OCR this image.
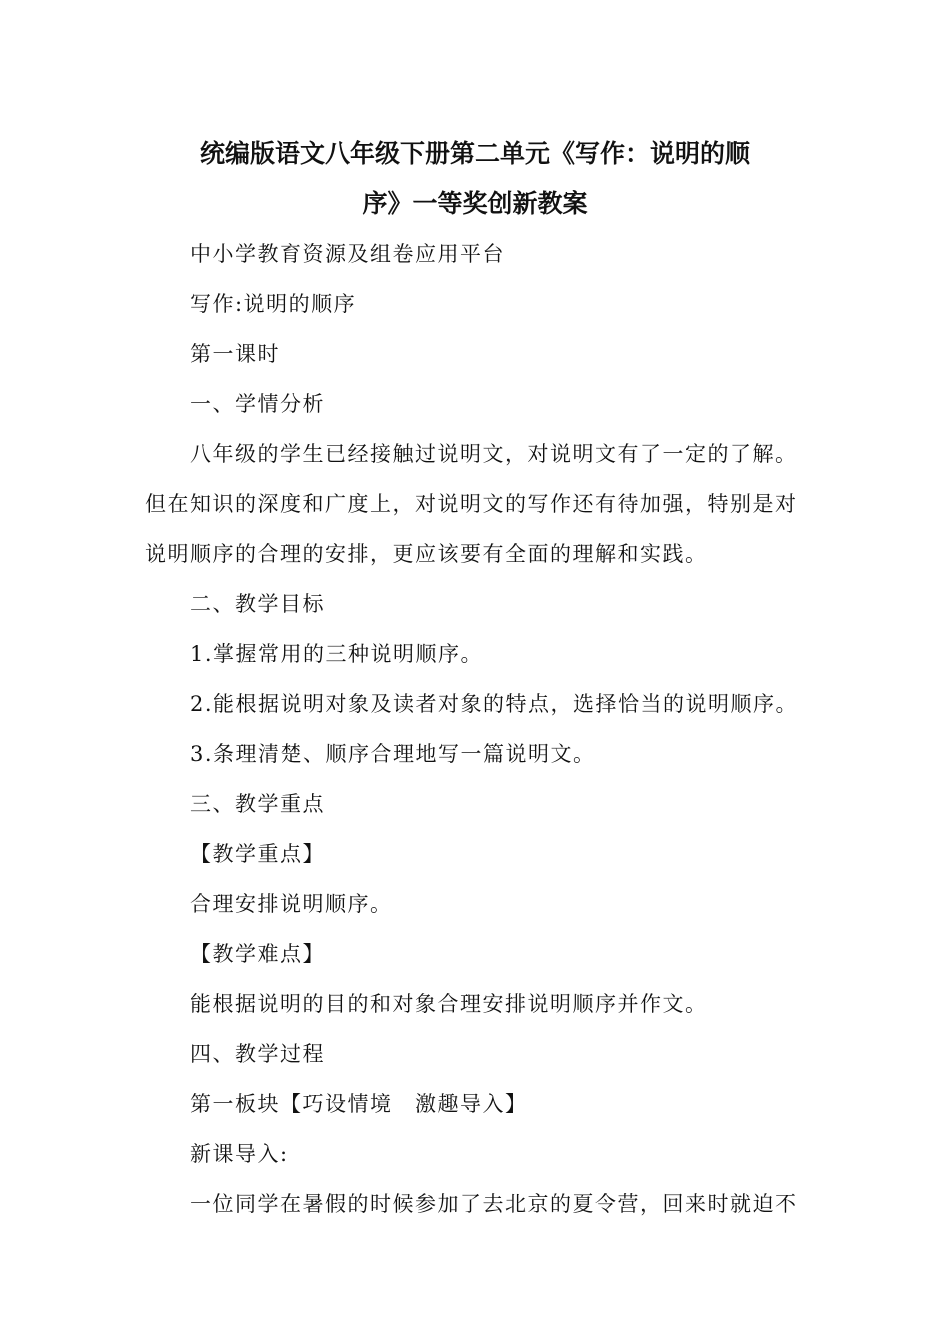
统编版语文八年级下册第二单元《写作：说明的顺
序》一等奖创新教案
中小学教育资源及组卷应用平台
写作:说明的顺序
第一课时
一、学情分析
八年级的学生已经接触过说明文，对说明文有了一定的了解。
但在知识的深度和广度上，对说明文的写作还有待加强，特别是对
说明顺序的合理的安排，更应该要有全面的理解和实践。
二、教学目标
1.掌握常用的三种说明顺序。
2.能根据说明对象及读者对象的特点，选择恰当的说明顺序。
3.条理清楚、顺序合理地写一篇说明文。
三、教学重点
【教学重点】
合理安排说明顺序。
【教学难点】
能根据说明的目的和对象合理安排说明顺序并作文。
四、教学过程
第一板块【巧设情境　激趣导入】
新课导入:
一位同学在暑假的时候参加了去北京的夏令营，回来时就迫不
